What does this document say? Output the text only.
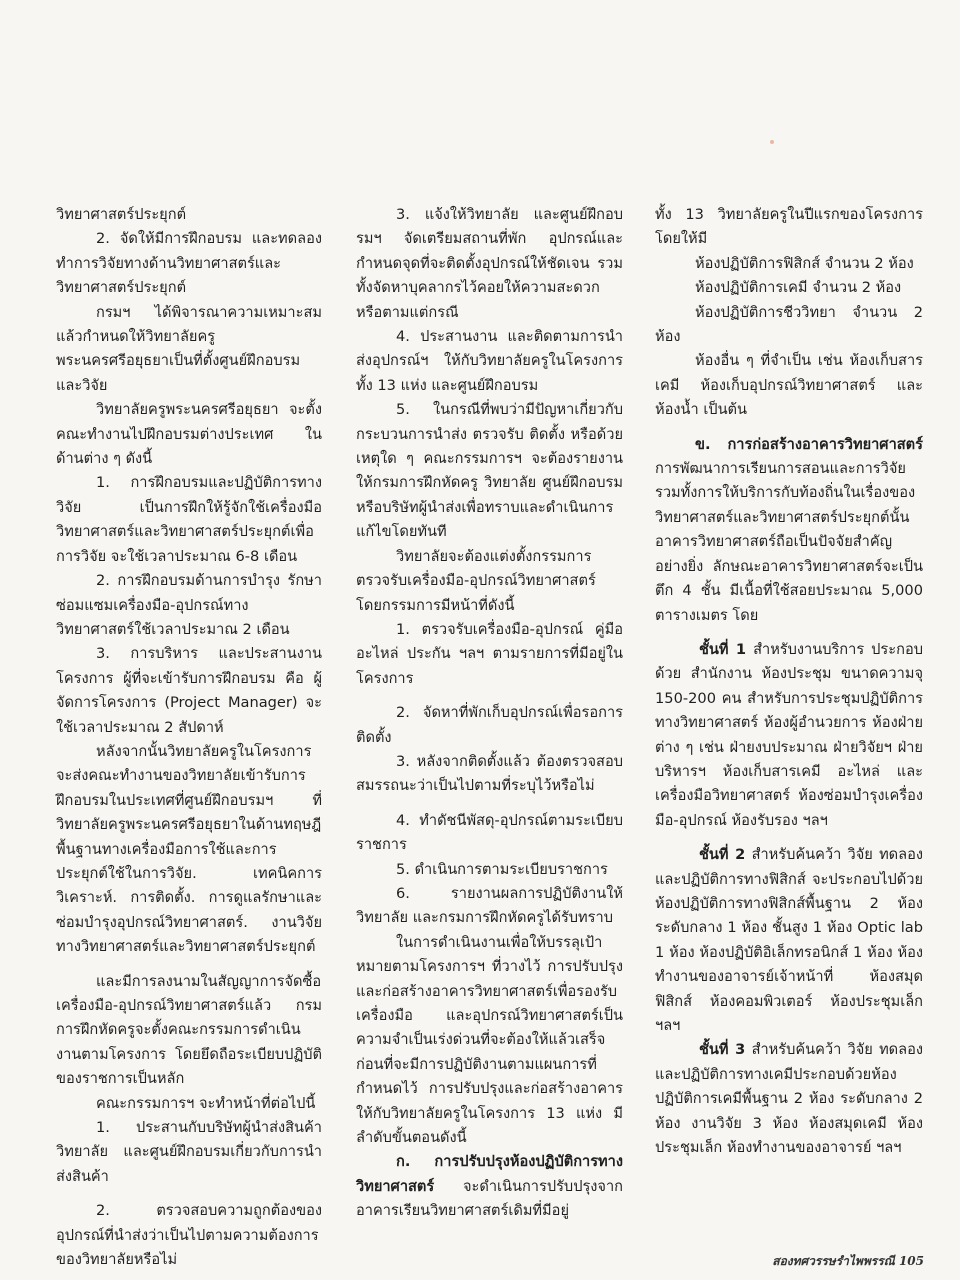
วิทยาศาสตร์ประยุกต์

2. จัดให้มีการฝึกอบรม และทดลองทำการวิจัยทางด้านวิทยาศาสตร์และวิทยาศาสตร์ประยุกต์

กรมฯ ได้พิจารณาความเหมาะสมแล้วกำหนดให้วิทยาลัยครูพระนครศรีอยุธยาเป็นที่ตั้งศูนย์ฝึกอบรมและวิจัย

วิทยาลัยครูพระนครศรีอยุธยา จะตั้งคณะทำงานไปฝึกอบรมต่างประเทศ ในด้านต่าง ๆ ดังนี้

1. การฝึกอบรมและปฏิบัติการทางวิจัย เป็นการฝึกให้รู้จักใช้เครื่องมือวิทยาศาสตร์และวิทยาศาสตร์ประยุกต์เพื่อการวิจัย จะใช้เวลาประมาณ 6-8 เดือน

2. การฝึกอบรมด้านการบำรุง รักษาซ่อมแซมเครื่องมือ-อุปกรณ์ทางวิทยาศาสตร์ใช้เวลาประมาณ 2 เดือน

3. การบริหาร และประสานงานโครงการ ผู้ที่จะเข้ารับการฝึกอบรม คือ ผู้จัดการโครงการ (Project Manager) จะใช้เวลาประมาณ 2 สัปดาห์

หลังจากนั้นวิทยาลัยครูในโครงการจะส่งคณะทำงานของวิทยาลัยเข้ารับการฝึกอบรมในประเทศที่ศูนย์ฝึกอบรมฯ ที่วิทยาลัยครูพระนครศรีอยุธยาในด้านทฤษฎีพื้นฐานทางเครื่องมือการใช้และการประยุกต์ใช้ในการวิจัย. เทคนิคการวิเคราะห์. การติดตั้ง. การดูแลรักษาและซ่อมบำรุงอุปกรณ์วิทยาศาสตร์. งานวิจัยทางวิทยาศาสตร์และวิทยาศาสตร์ประยุกต์

และมีการลงนามในสัญญาการจัดซื้อเครื่องมือ-อุปกรณ์วิทยาศาสตร์แล้ว กรมการฝึกหัดครูจะตั้งคณะกรรมการดำเนินงานตามโครงการ โดยยึดถือระเบียบปฏิบัติของราชการเป็นหลัก

คณะกรรมการฯ จะทำหน้าที่ต่อไปนี้

1. ประสานกับบริษัทผู้นำส่งสินค้าวิทยาลัย และศูนย์ฝึกอบรมเกี่ยวกับการนำส่งสินค้า

2. ตรวจสอบความถูกต้องของอุปกรณ์ที่นำส่งว่าเป็นไปตามความต้องการของวิทยาลัยหรือไม่

3. แจ้งให้วิทยาลัย และศูนย์ฝึกอบรมฯ จัดเตรียมสถานที่พัก อุปกรณ์และกำหนดจุดที่จะติดตั้งอุปกรณ์ให้ชัดเจน รวมทั้งจัดหาบุคลากรไว้คอยให้ความสะดวก หรือตามแต่กรณี

4. ประสานงาน และติดตามการนำส่งอุปกรณ์ฯ ให้กับวิทยาลัยครูในโครงการทั้ง 13 แห่ง และศูนย์ฝึกอบรม

5. ในกรณีที่พบว่ามีปัญหาเกี่ยวกับกระบวนการนำส่ง ตรวจรับ ติดตั้ง หรือด้วยเหตุใด ๆ คณะกรรมการฯ จะต้องรายงานให้กรมการฝึกหัดครู วิทยาลัย ศูนย์ฝึกอบรม หรือบริษัทผู้นำส่งเพื่อทราบและดำเนินการแก้ไขโดยทันที

วิทยาลัยจะต้องแต่งตั้งกรรมการตรวจรับเครื่องมือ-อุปกรณ์วิทยาศาสตร์ โดยกรรมการมีหน้าที่ดังนี้

1. ตรวจรับเครื่องมือ-อุปกรณ์ คู่มือ อะไหล่ ประกัน ฯลฯ ตามรายการที่มีอยู่ในโครงการ

2. จัดหาที่พักเก็บอุปกรณ์เพื่อรอการติดตั้ง

3. หลังจากติดตั้งแล้ว ต้องตรวจสอบสมรรถนะว่าเป็นไปตามที่ระบุไว้หรือไม่

4. ทำดัชนีพัสดุ-อุปกรณ์ตามระเบียบราชการ

5. ดำเนินการตามระเบียบราชการ

6. รายงานผลการปฏิบัติงานให้วิทยาลัย และกรมการฝึกหัดครูได้รับทราบ

ในการดำเนินงานเพื่อให้บรรลุเป้าหมายตามโครงการฯ ที่วางไว้ การปรับปรุงและก่อสร้างอาคารวิทยาศาสตร์เพื่อรองรับเครื่องมือ และอุปกรณ์วิทยาศาสตร์เป็นความจำเป็นเร่งด่วนที่จะต้องให้แล้วเสร็จก่อนที่จะมีการปฏิบัติงานตามแผนการที่กำหนดไว้ การปรับปรุงและก่อสร้างอาคารให้กับวิทยาลัยครูในโครงการ 13 แห่ง มีลำดับขั้นตอนดังนี้

ก. การปรับปรุงห้องปฏิบัติการทางวิทยาศาสตร์ จะดำเนินการปรับปรุงจากอาคารเรียนวิทยาศาสตร์เดิมที่มีอยู่

ทั้ง 13 วิทยาลัยครูในปีแรกของโครงการ โดยให้มี

ห้องปฏิบัติการฟิสิกส์ จำนวน 2 ห้อง

ห้องปฏิบัติการเคมี จำนวน 2 ห้อง

ห้องปฏิบัติการชีววิทยา จำนวน 2 ห้อง

ห้องอื่น ๆ ที่จำเป็น เช่น ห้องเก็บสารเคมี ห้องเก็บอุปกรณ์วิทยาศาสตร์ และห้องน้ำ เป็นต้น

ข. การก่อสร้างอาคารวิทยาศาสตร์ การพัฒนาการเรียนการสอนและการวิจัยรวมทั้งการให้บริการกับท้องถิ่นในเรื่องของวิทยาศาสตร์และวิทยาศาสตร์ประยุกต์นั้น อาคารวิทยาศาสตร์ถือเป็นปัจจัยสำคัญอย่างยิ่ง ลักษณะอาคารวิทยาศาสตร์จะเป็นตึก 4 ชั้น มีเนื้อที่ใช้สอยประมาณ 5,000 ตารางเมตร โดย

ชั้นที่ 1 สำหรับงานบริการ ประกอบด้วย สำนักงาน ห้องประชุม ขนาดความจุ 150-200 คน สำหรับการประชุมปฏิบัติการทางวิทยาศาสตร์ ห้องผู้อำนวยการ ห้องฝ่ายต่าง ๆ เช่น ฝ่ายงบประมาณ ฝ่ายวิจัยฯ ฝ่ายบริหารฯ ห้องเก็บสารเคมี อะไหล่ และเครื่องมือวิทยาศาสตร์ ห้องซ่อมบำรุงเครื่องมือ-อุปกรณ์ ห้องรับรอง ฯลฯ

ชั้นที่ 2 สำหรับค้นคว้า วิจัย ทดลอง และปฏิบัติการทางฟิสิกส์ จะประกอบไปด้วยห้องปฏิบัติการทางฟิสิกส์พื้นฐาน 2 ห้อง ระดับกลาง 1 ห้อง ชั้นสูง 1 ห้อง Optic lab 1 ห้อง ห้องปฏิบัติอิเล็กทรอนิกส์ 1 ห้อง ห้องทำงานของอาจารย์เจ้าหน้าที่ ห้องสมุดฟิสิกส์ ห้องคอมพิวเตอร์ ห้องประชุมเล็ก ฯลฯ

ชั้นที่ 3 สำหรับค้นคว้า วิจัย ทดลอง และปฏิบัติการทางเคมีประกอบด้วยห้องปฏิบัติการเคมีพื้นฐาน 2 ห้อง ระดับกลาง 2 ห้อง งานวิจัย 3 ห้อง ห้องสมุดเคมี ห้องประชุมเล็ก ห้องทำงานของอาจารย์ ฯลฯ

สองทศวรรษรำไพพรรณี 105
